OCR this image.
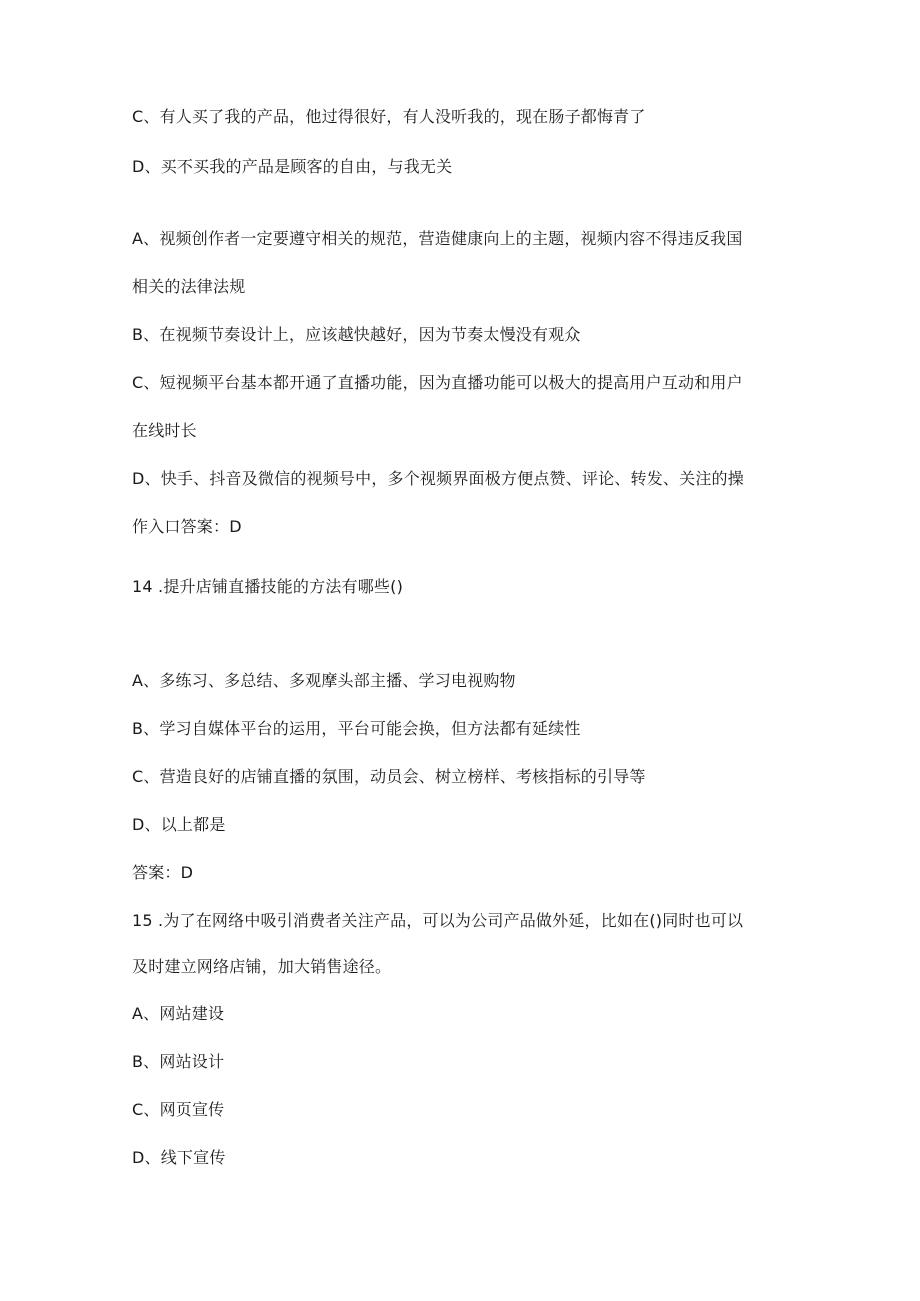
C、有人买了我的产品，他过得很好，有人没听我的，现在肠子都悔青了
D、买不买我的产品是顾客的自由，与我无关
A、视频创作者一定要遵守相关的规范，营造健康向上的主题，视频内容不得违反我国
相关的法律法规
B、在视频节奏设计上，应该越快越好，因为节奏太慢没有观众
C、短视频平台基本都开通了直播功能，因为直播功能可以极大的提高用户互动和用户
在线时长
D、快手、抖音及微信的视频号中，多个视频界面极方便点赞、评论、转发、关注的操
作入口答案：D
14 .提升店铺直播技能的方法有哪些()
A、多练习、多总结、多观摩头部主播、学习电视购物
B、学习自媒体平台的运用，平台可能会换，但方法都有延续性
C、营造良好的店铺直播的氛围，动员会、树立榜样、考核指标的引导等
D、以上都是
答案：D
15 .为了在网络中吸引消费者关注产品，可以为公司产品做外延，比如在()同时也可以
及时建立网络店铺，加大销售途径。
A、网站建设
B、网站设计
C、网页宣传
D、线下宣传
